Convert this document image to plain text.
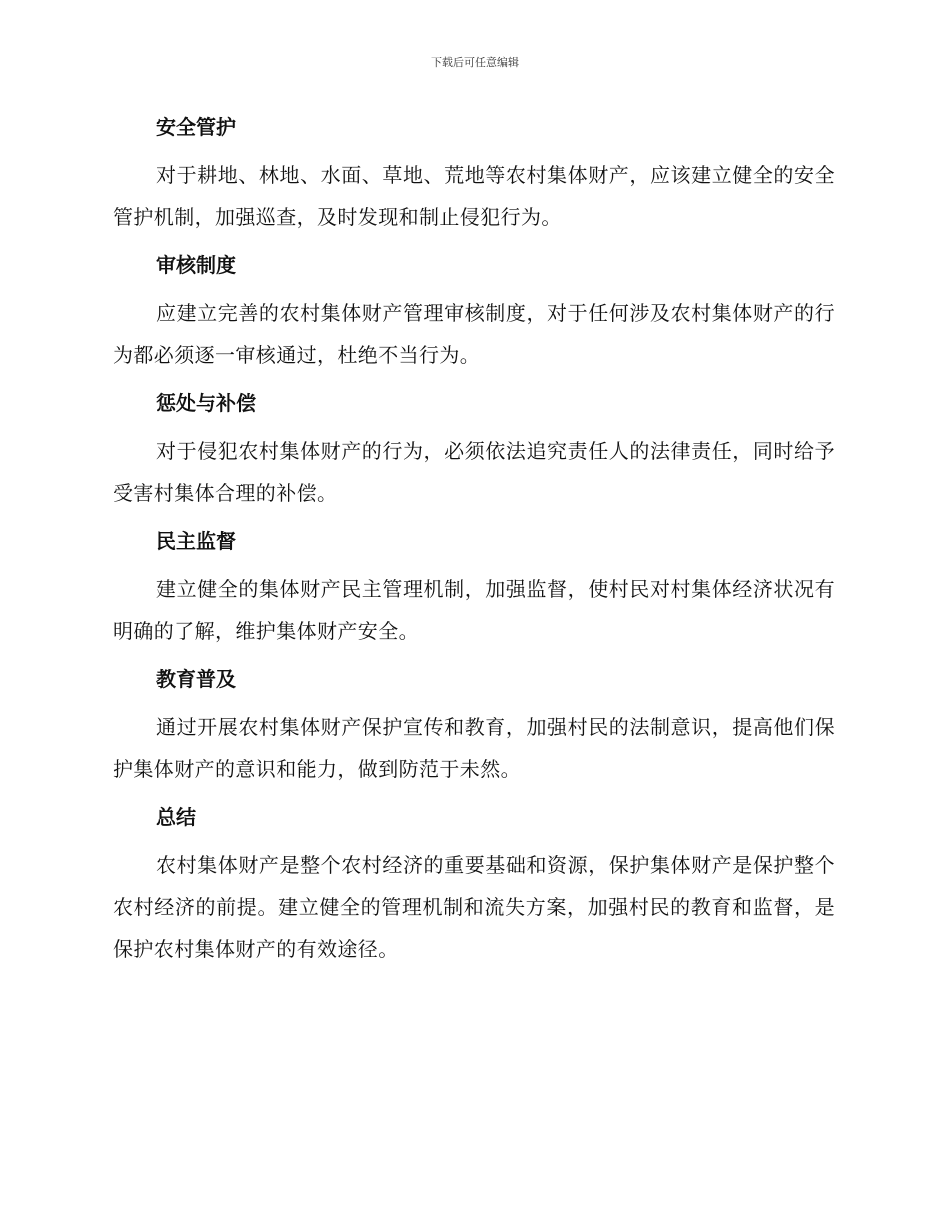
下载后可任意编辑
安全管护

对于耕地、林地、水面、草地、荒地等农村集体财产，应该建立健全的安全管护机制，加强巡查，及时发现和制止侵犯行为。

审核制度

应建立完善的农村集体财产管理审核制度，对于任何涉及农村集体财产的行为都必须逐一审核通过，杜绝不当行为。

惩处与补偿

对于侵犯农村集体财产的行为，必须依法追究责任人的法律责任，同时给予受害村集体合理的补偿。

民主监督

建立健全的集体财产民主管理机制，加强监督，使村民对村集体经济状况有明确的了解，维护集体财产安全。

教育普及

通过开展农村集体财产保护宣传和教育，加强村民的法制意识，提高他们保护集体财产的意识和能力，做到防范于未然。

总结

农村集体财产是整个农村经济的重要基础和资源，保护集体财产是保护整个农村经济的前提。建立健全的管理机制和流失方案，加强村民的教育和监督，是保护农村集体财产的有效途径。
